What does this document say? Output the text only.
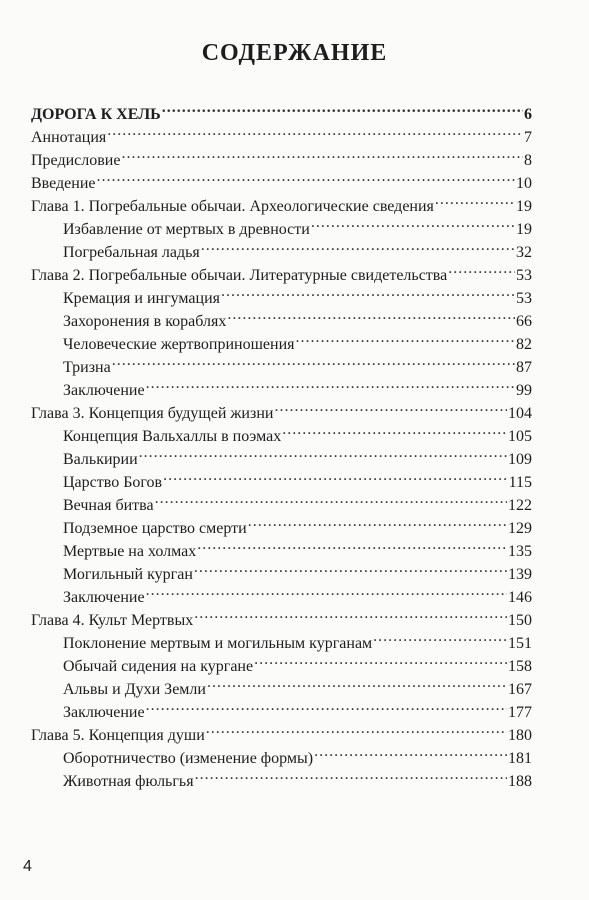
СОДЕРЖАНИЕ
ДОРОГА К ХЕЛЬ .....	6
Аннотация .....	7
Предисловие .....	8
Введение .....	10
Глава 1. Погребальные обычаи. Археологические сведения .....	19
Избавление от мертвых в древности .....	19
Погребальная ладья .....	32
Глава 2. Погребальные обычаи. Литературные свидетельства .....	53
Кремация и ингумация .....	53
Захоронения в кораблях .....	66
Человеческие жертвоприношения .....	82
Тризна .....	87
Заключение .....	99
Глава 3. Концепция будущей жизни .....	104
Концепция Вальхаллы в поэмах .....	105
Валькирии .....	109
Царство Богов .....	115
Вечная битва .....	122
Подземное царство смерти .....	129
Мертвые на холмах .....	135
Могильный курган .....	139
Заключение .....	146
Глава 4. Культ Мертвых .....	150
Поклонение мертвым и могильным курганам .....	151
Обычай сидения на кургане .....	158
Альвы и Духи Земли .....	167
Заключение .....	177
Глава 5. Концепция души .....	180
Оборотничество (изменение формы) .....	181
Животная фюльгья .....	188
4
